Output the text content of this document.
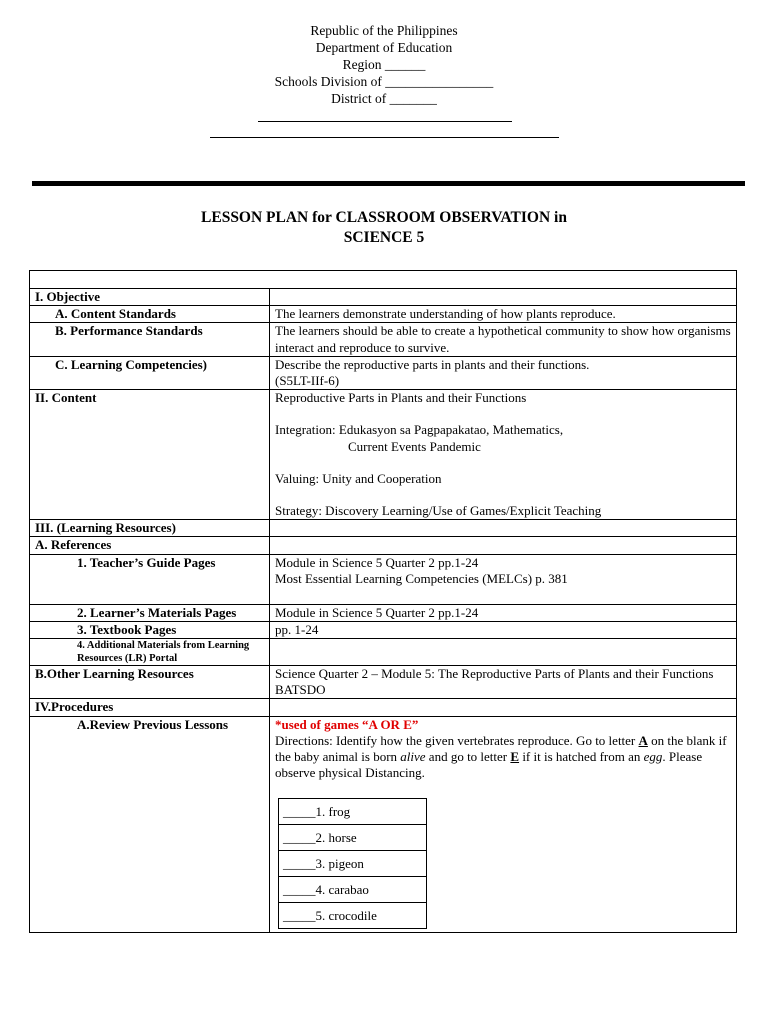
Republic of the Philippines
Department of Education
Region ______
Schools Division of ________________
District of _______
LESSON PLAN for CLASSROOM OBSERVATION in
SCIENCE 5

I. Objective	
A. Content Standards	The learners demonstrate understanding of how plants reproduce.
B. Performance Standards	The learners should be able to create a hypothetical community to show how organisms interact and reproduce to survive.
C. Learning Competencies)	Describe the reproductive parts in plants and their functions.
(S5LT-IIf-6)

II. Content	Reproductive Parts in Plants and their Functions
Integration: Edukasyon sa Pagpapakatao, Mathematics,
Current Events Pandemic
Valuing: Unity and Cooperation
Strategy: Discovery Learning/Use of Games/Explicit Teaching

III. (Learning Resources)	
A. References	
1. Teacher’s Guide Pages	Module in Science 5 Quarter 2 pp.1-24
Most Essential Learning Competencies (MELCs) p. 381

2. Learner’s Materials Pages	Module in Science 5 Quarter 2 pp.1-24
3. Textbook Pages	pp. 1-24
4. Additional Materials from Learning Resources (LR) Portal	
B.Other Learning Resources	Science Quarter 2 – Module 5: The Reproductive Parts of Plants and their Functions BATSDO
IV.Procedures	
A.Review Previous Lessons	*used of games “A OR E”
Directions: Identify how the given vertebrates reproduce. Go to letter A on the blank if the baby animal is born alive and go to letter E if it is hatched from an egg. Please observe physical Distancing.
_____1. frog
_____2. horse
_____3. pigeon
_____4. carabao
_____5. crocodile
